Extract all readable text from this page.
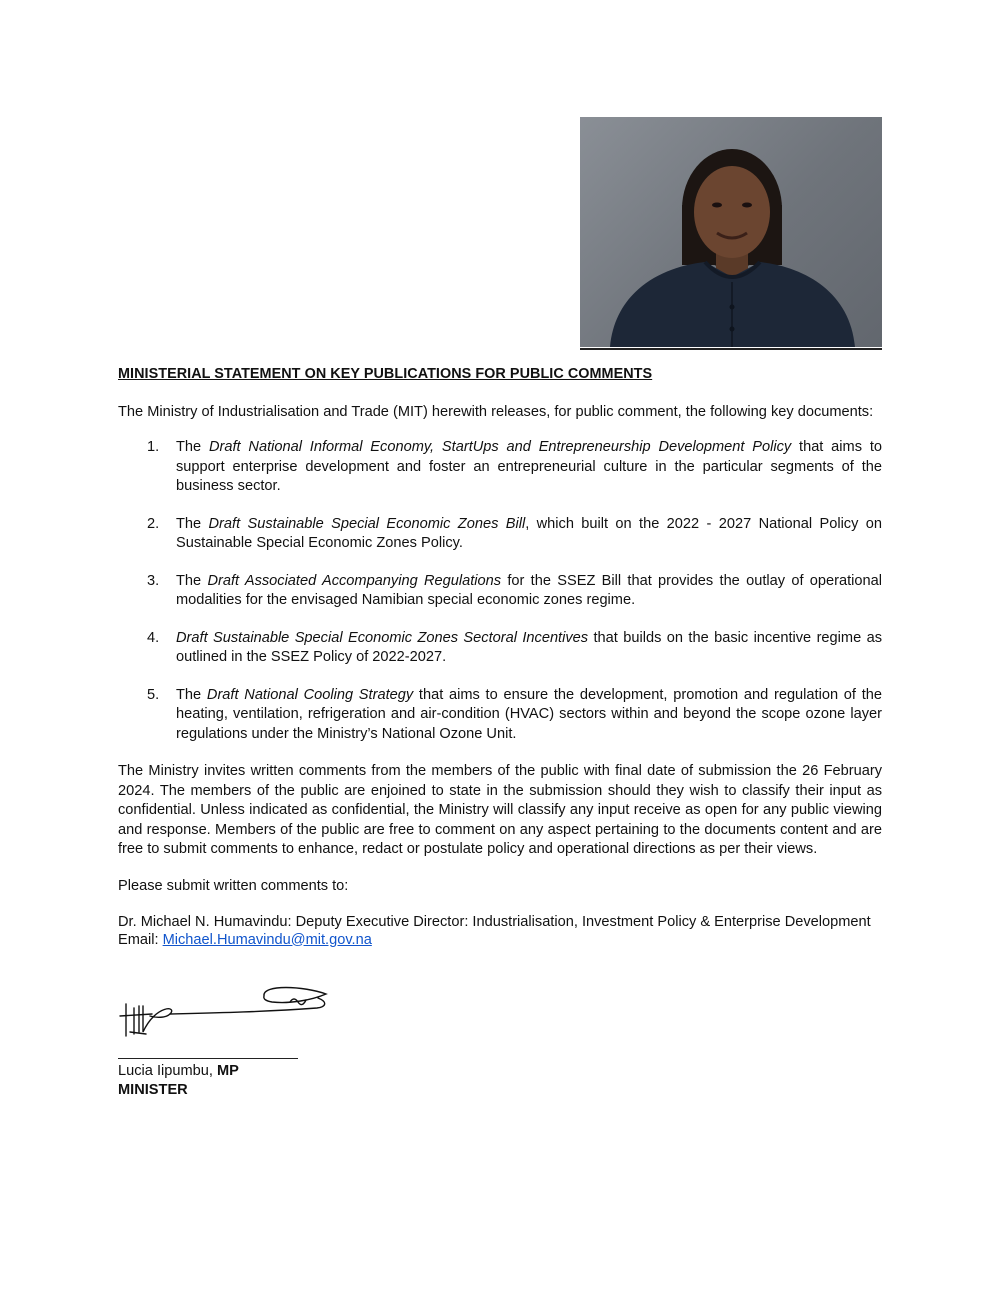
MINISTERIAL STATEMENT ON KEY PUBLICATIONS FOR PUBLIC COMMENTS
The Ministry of Industrialisation and Trade (MIT) herewith releases, for public comment, the following key documents:
1. The Draft National Informal Economy, StartUps and Entrepreneurship Development Policy that aims to support enterprise development and foster an entrepreneurial culture in the particular segments of the business sector.
2. The Draft Sustainable Special Economic Zones Bill, which built on the 2022 - 2027 National Policy on Sustainable Special Economic Zones Policy.
3. The Draft Associated Accompanying Regulations for the SSEZ Bill that provides the outlay of operational modalities for the envisaged Namibian special economic zones regime.
4. Draft Sustainable Special Economic Zones Sectoral Incentives that builds on the basic incentive regime as outlined in the SSEZ Policy of 2022-2027.
5. The Draft National Cooling Strategy that aims to ensure the development, promotion and regulation of the heating, ventilation, refrigeration and air-condition (HVAC) sectors within and beyond the scope ozone layer regulations under the Ministry’s National Ozone Unit.
The Ministry invites written comments from the members of the public with final date of submission the 26 February 2024. The members of the public are enjoined to state in the submission should they wish to classify their input as confidential. Unless indicated as confidential, the Ministry will classify any input receive as open for any public viewing and response. Members of the public are free to comment on any aspect pertaining to the documents content and are free to submit comments to enhance, redact or postulate policy and operational directions as per their views.
Please submit written comments to:
Dr. Michael N. Humavindu: Deputy Executive Director: Industrialisation, Investment Policy & Enterprise Development
Email: Michael.Humavindu@mit.gov.na
Lucia Iipumbu, MP
MINISTER
